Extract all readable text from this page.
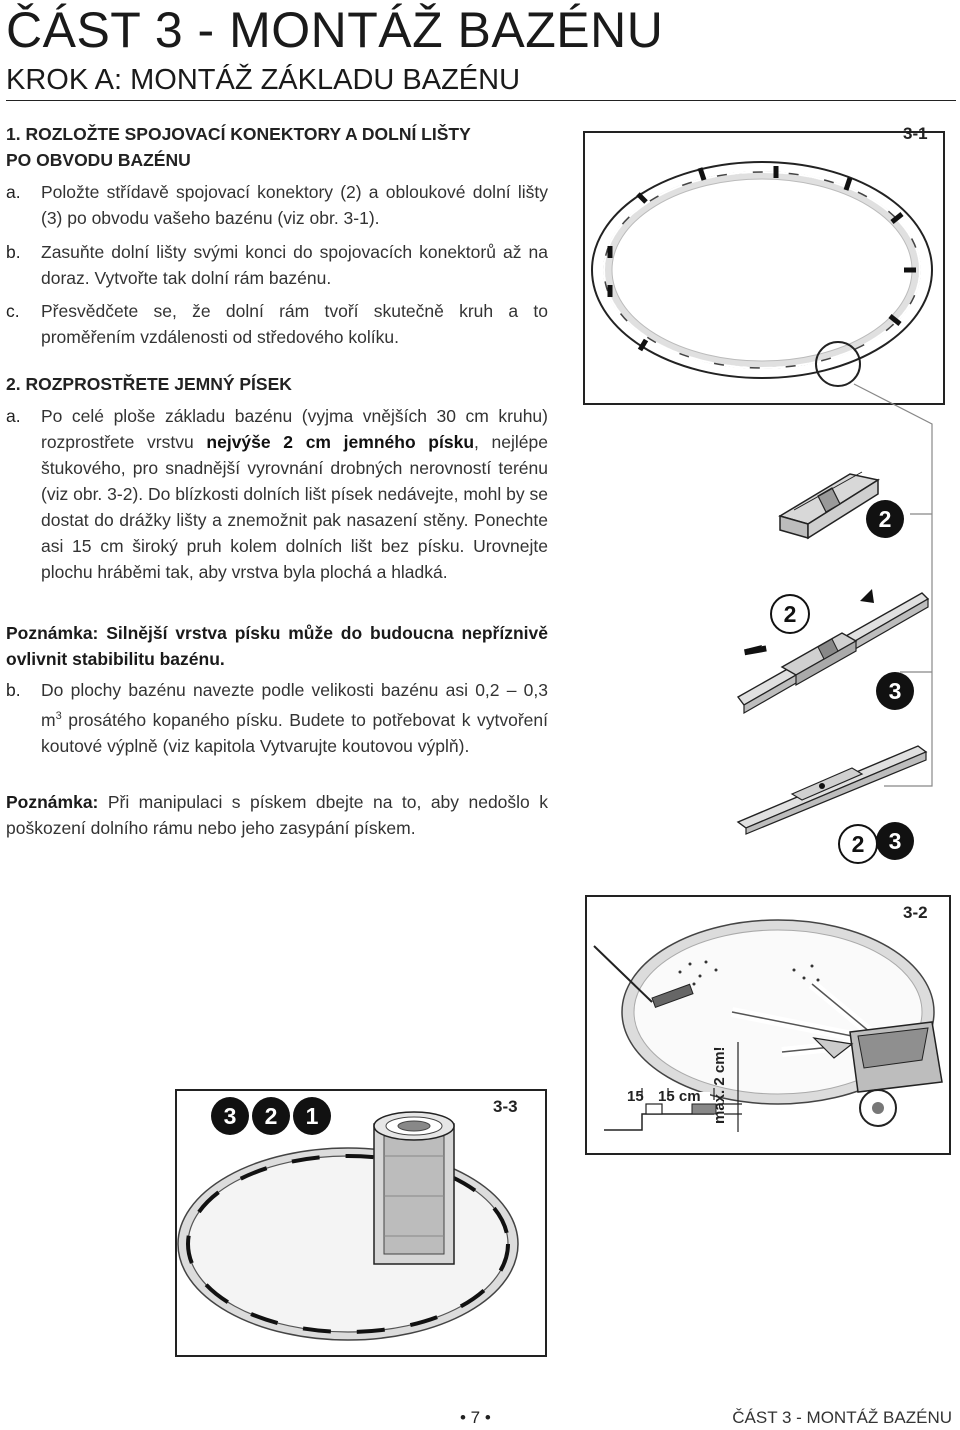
ČÁST 3 - MONTÁŽ BAZÉNU
KROK A: MONTÁŽ ZÁKLADU BAZÉNU
1. ROZLOŽTE SPOJOVACÍ KONEKTORY A DOLNÍ LIŠTY
PO OBVODU BAZÉNU
a. Položte střídavě spojovací konektory (2) a obloukové dolní lišty (3) po obvodu vašeho bazénu (viz obr. 3-1).
b. Zasuňte dolní lišty svými konci do spojovacích konektorů až na doraz. Vytvořte tak dolní rám bazénu.
c. Přesvědčete se, že dolní rám tvoří skutečně kruh a to proměřením vzdálenosti od středového kolíku.
2. ROZPROSTŘETE JEMNÝ PÍSEK
a. Po celé ploše základu bazénu (vyjma vnějších 30 cm kruhu) rozprostřete vrstvu nejvýše 2 cm jemného písku, nejlépe štukového, pro snadnější vyrovnání drobných nerovností terénu (viz obr. 3-2). Do blízkosti dolních lišt písek nedávejte, mohl by se dostat do drážky lišty a znemožnit pak nasazení stěny. Ponechte asi 15 cm široký pruh kolem dolních lišt bez písku. Urovnejte plochu hráběmi tak, aby vrstva byla plochá a hladká.
Poznámka: Silnější vrstva písku může do budoucna nepříznivě ovlivnit stabibilitu bazénu.
b. Do plochy bazénu navezte podle velikosti bazénu asi 0,2 – 0,3 $m^3$ prosátého kopaného písku. Budete to potřebovat k vytvoření koutové výplně (viz kapitola Vytvarujte koutovou výplň).
Poznámka: Při manipulaci s pískem dbejte na to, aby nedošlo k poškození dolního rámu nebo jeho zasypání pískem.
3-1
2
2
3
2	3
3-2
15 15 cm max. 2 cm!
3-3
3	2	1
• 7 •	ČÁST 3 - MONTÁŽ BAZÉNU
